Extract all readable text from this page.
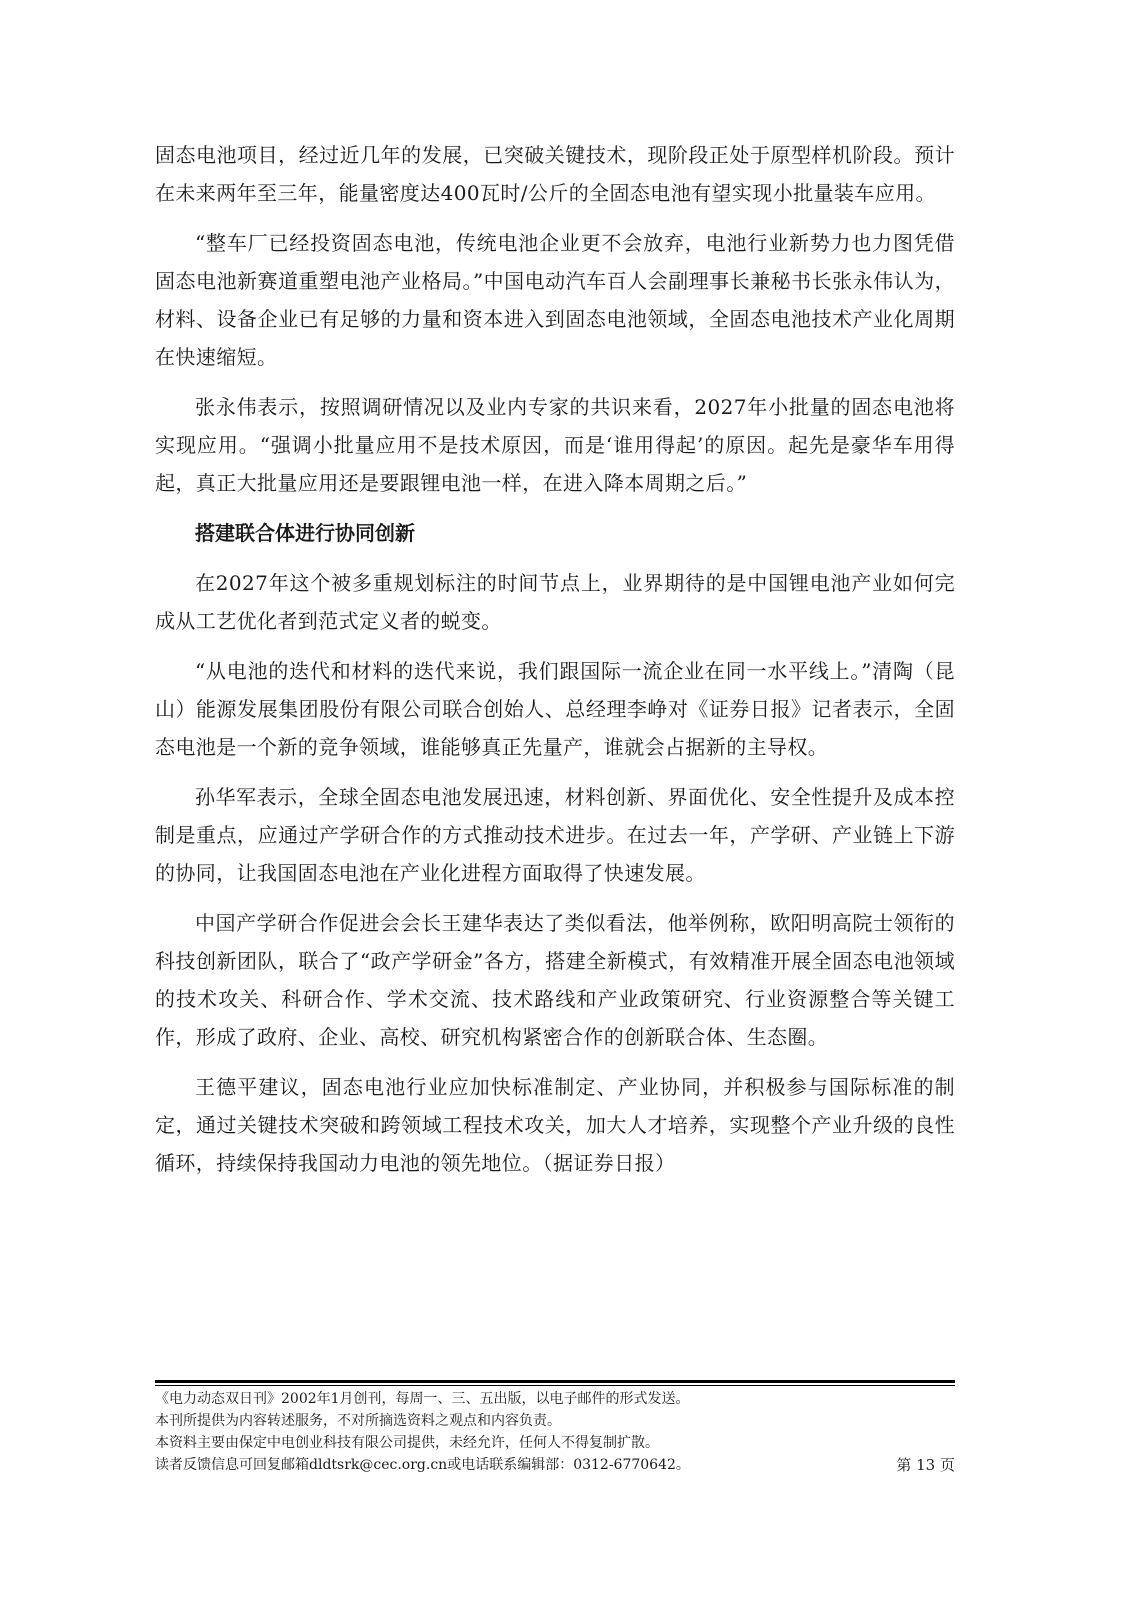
固态电池项目，经过近几年的发展，已突破关键技术，现阶段正处于原型样机阶段。预计在未来两年至三年，能量密度达400瓦时/公斤的全固态电池有望实现小批量装车应用。

“整车厂已经投资固态电池，传统电池企业更不会放弃，电池行业新势力也力图凭借固态电池新赛道重塑电池产业格局。”中国电动汽车百人会副理事长兼秘书长张永伟认为，材料、设备企业已有足够的力量和资本进入到固态电池领域，全固态电池技术产业化周期在快速缩短。

张永伟表示，按照调研情况以及业内专家的共识来看，2027年小批量的固态电池将实现应用。“强调小批量应用不是技术原因，而是‘谁用得起’的原因。起先是豪华车用得起，真正大批量应用还是要跟锂电池一样，在进入降本周期之后。”

搭建联合体进行协同创新

在2027年这个被多重规划标注的时间节点上，业界期待的是中国锂电池产业如何完成从工艺优化者到范式定义者的蜕变。

“从电池的迭代和材料的迭代来说，我们跟国际一流企业在同一水平线上。”清陶（昆山）能源发展集团股份有限公司联合创始人、总经理李峥对《证券日报》记者表示，全固态电池是一个新的竞争领域，谁能够真正先量产，谁就会占据新的主导权。

孙华军表示，全球全固态电池发展迅速，材料创新、界面优化、安全性提升及成本控制是重点，应通过产学研合作的方式推动技术进步。在过去一年，产学研、产业链上下游的协同，让我国固态电池在产业化进程方面取得了快速发展。

中国产学研合作促进会会长王建华表达了类似看法，他举例称，欧阳明高院士领衔的科技创新团队，联合了“政产学研金”各方，搭建全新模式，有效精准开展全固态电池领域的技术攻关、科研合作、学术交流、技术路线和产业政策研究、行业资源整合等关键工作，形成了政府、企业、高校、研究机构紧密合作的创新联合体、生态圈。

王德平建议，固态电池行业应加快标准制定、产业协同，并积极参与国际标准的制定，通过关键技术突破和跨领域工程技术攻关，加大人才培养，实现整个产业升级的良性循环，持续保持我国动力电池的领先地位。（据证券日报）

《电力动态双日刊》2002年1月创刊，每周一、三、五出版，以电子邮件的形式发送。
本刊所提供为内容转述服务，不对所摘选资料之观点和内容负责。
本资料主要由保定中电创业科技有限公司提供，未经允许，任何人不得复制扩散。
读者反馈信息可回复邮箱dldtsrk@cec.org.cn或电话联系编辑部：0312-6770642。	第 13 页
